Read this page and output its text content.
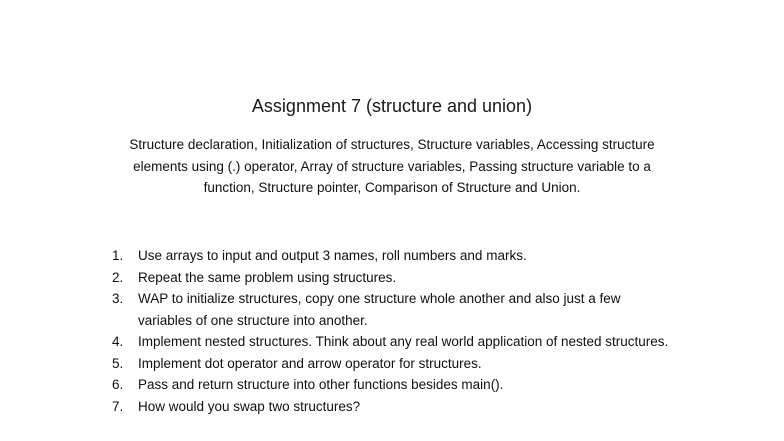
Assignment 7 (structure and union)
Structure declaration, Initialization of structures, Structure variables, Accessing structure elements using (.) operator, Array of structure variables, Passing structure variable to a function, Structure pointer, Comparison of Structure and Union.
1. Use arrays to input and output 3 names, roll numbers and marks.
2. Repeat the same problem using structures.
3. WAP to initialize structures, copy one structure whole another and also just a few variables of one structure into another.
4. Implement nested structures. Think about any real world application of nested structures.
5. Implement dot operator and arrow operator for structures.
6. Pass and return structure into other functions besides main().
7. How would you swap two structures?
